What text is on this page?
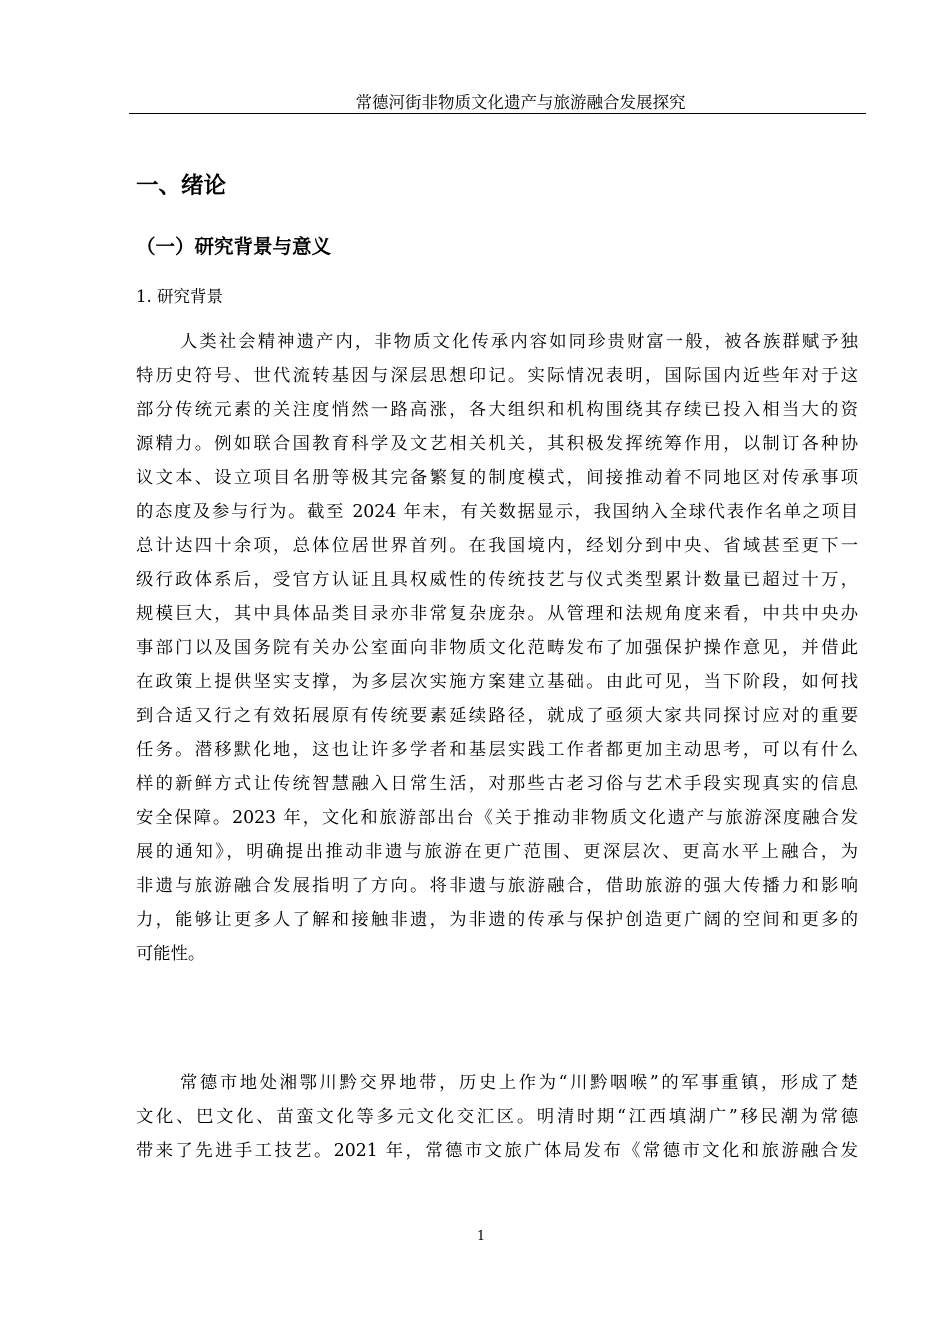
常德河街非物质文化遗产与旅游融合发展探究
一、绪论
（一）研究背景与意义
1. 研究背景
人类社会精神遗产内，非物质文化传承内容如同珍贵财富一般，被各族群赋予独
特历史符号、世代流转基因与深层思想印记。实际情况表明，国际国内近些年对于这
部分传统元素的关注度悄然一路高涨，各大组织和机构围绕其存续已投入相当大的资
源精力。例如联合国教育科学及文艺相关机关，其积极发挥统筹作用，以制订各种协
议文本、设立项目名册等极其完备繁复的制度模式，间接推动着不同地区对传承事项
的态度及参与行为。截至 2024 年末，有关数据显示，我国纳入全球代表作名单之项目
总计达四十余项，总体位居世界首列。在我国境内，经划分到中央、省域甚至更下一
级行政体系后，受官方认证且具权威性的传统技艺与仪式类型累计数量已超过十万，
规模巨大，其中具体品类目录亦非常复杂庞杂。从管理和法规角度来看，中共中央办
事部门以及国务院有关办公室面向非物质文化范畴发布了加强保护操作意见，并借此
在政策上提供坚实支撑，为多层次实施方案建立基础。由此可见，当下阶段，如何找
到合适又行之有效拓展原有传统要素延续路径，就成了亟须大家共同探讨应对的重要
任务。潜移默化地，这也让许多学者和基层实践工作者都更加主动思考，可以有什么
样的新鲜方式让传统智慧融入日常生活，对那些古老习俗与艺术手段实现真实的信息
安全保障。2023 年，文化和旅游部出台《关于推动非物质文化遗产与旅游深度融合发
展的通知》，明确提出推动非遗与旅游在更广范围、更深层次、更高水平上融合，为
非遗与旅游融合发展指明了方向。将非遗与旅游融合，借助旅游的强大传播力和影响
力，能够让更多人了解和接触非遗，为非遗的传承与保护创造更广阔的空间和更多的
可能性。
常德市地处湘鄂川黔交界地带，历史上作为“川黔咽喉”的军事重镇，形成了楚
文化、巴文化、苗蛮文化等多元文化交汇区。明清时期“江西填湖广”移民潮为常德
带来了先进手工技艺。2021 年，常德市文旅广体局发布《常德市文化和旅游融合发
1
